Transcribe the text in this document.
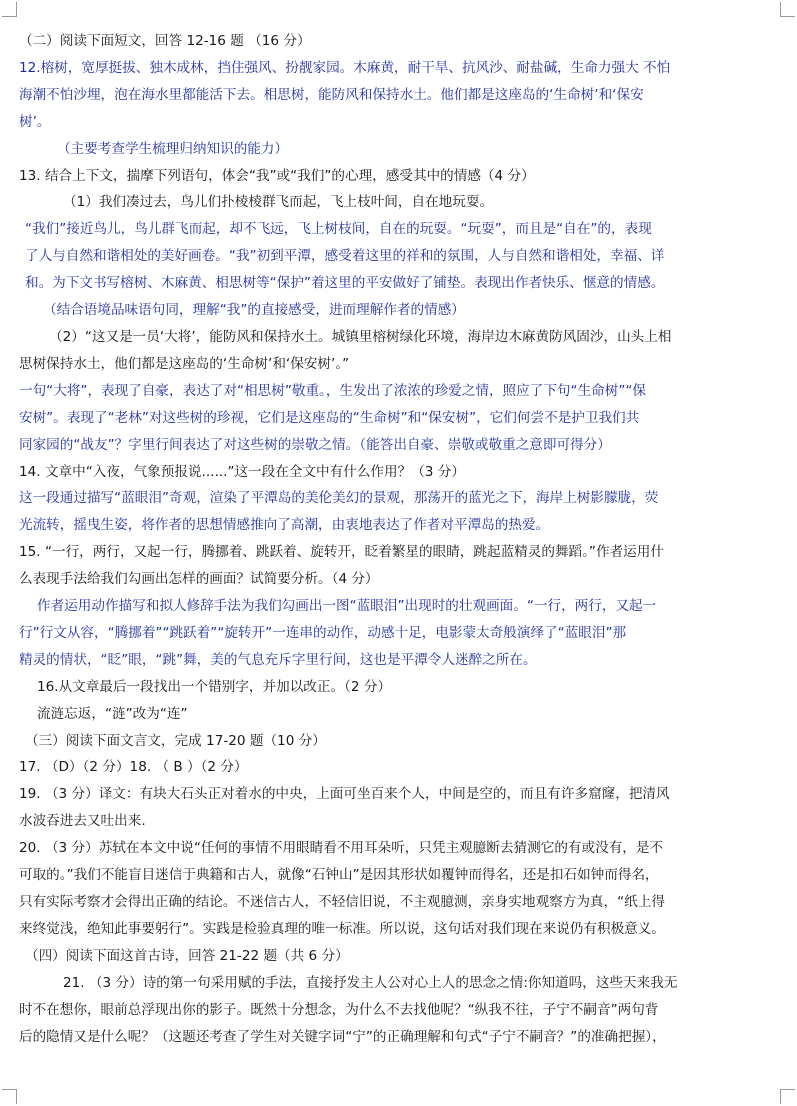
（二）阅读下面短文，回答 12-16 题 （16 分）
12.榕树，宽厚挺拔、独木成林，挡住强风、扮靓家园。木麻黄，耐干旱、抗风沙、耐盐碱，生命力强大 不怕
海潮不怕沙埋，泡在海水里都能活下去。相思树，能防风和保持水土。他们都是这座岛的‘生命树’和‘保安
树’。
（主要考查学生梳理归纳知识的能力）
13. 结合上下文，揣摩下列语句，体会“我”或“我们”的心理，感受其中的情感（4 分）
（1）我们凑过去，鸟儿们扑棱棱群飞而起，飞上枝叶间，自在地玩耍。
“我们”接近鸟儿，鸟儿群飞而起，却不飞远，飞上树枝间，自在的玩耍。“玩耍”，而且是“自在”的，表现
了人与自然和谐相处的美好画卷。“我”初到平潭，感受着这里的祥和的氛围，人与自然和谐相处，幸福、详
和。为下文书写榕树、木麻黄、相思树等“保护”着这里的平安做好了铺垫。表现出作者快乐、惬意的情感。
（结合语境品味语句同，理解“我”的直接感受，进而理解作者的情感）
（2）“这又是一员‘大将’，能防风和保持水土。城镇里榕树绿化环境，海岸边木麻黄防风固沙，山头上相
思树保持水土，他们都是这座岛的‘生命树’和‘保安树’。”
一句“大将”，表现了自豪，表达了对“相思树”敬重。，生发出了浓浓的珍爱之情，照应了下句“生命树”“保
安树”。表现了“老林”对这些树的珍视，它们是这座岛的“生命树”和“保安树”，它们何尝不是护卫我们共
同家园的“战友”？字里行间表达了对这些树的崇敬之情。（能答出自豪、崇敬或敬重之意即可得分）
14. 文章中“入夜，气象预报说......”这一段在全文中有什么作用？（3 分）
这一段通过描写“蓝眼泪”奇观，渲染了平潭岛的美伦美幻的景观，那荡开的蓝光之下，海岸上树影朦胧，荧
光流转，摇曳生姿，将作者的思想情感推向了高潮，由衷地表达了作者对平潭岛的热爱。
15. “一行，两行，又起一行，腾挪着、跳跃着、旋转开，眨着繁星的眼睛，跳起蓝精灵的舞蹈。”作者运用什
么表现手法给我们勾画出怎样的画面？试简要分析。（4 分）
作者运用动作描写和拟人修辞手法为我们勾画出一图“蓝眼泪”出现时的壮观画面。“一行，两行，又起一
行”行文从容，“腾挪着”“跳跃着”“旋转开”一连串的动作，动感十足，电影蒙太奇般演绎了“蓝眼泪”那
精灵的情状，“眨”眼，“跳”舞，美的气息充斥字里行间，这也是平潭令人迷醉之所在。
16.从文章最后一段找出一个错别字，并加以改正。（2 分）
流涟忘返，“涟”改为“连”
（三）阅读下面文言文，完成 17-20 题（10 分）
17. （D）（2 分）18. （ B ）（2 分）
19. （3 分）译文：有块大石头正对着水的中央，上面可坐百来个人，中间是空的，而且有许多窟窿，把清风
水波吞进去又吐出来.
20. （3 分）苏轼在本文中说“任何的事情不用眼睛看不用耳朵听，只凭主观臆断去猜测它的有或没有，是不
可取的。”我们不能盲目迷信于典籍和古人，就像“石钟山”是因其形状如覆钟而得名，还是扣石如钟而得名，
只有实际考察才会得出正确的结论。不迷信古人，不轻信旧说，不主观臆测，亲身实地观察方为真，“纸上得
来终觉浅，绝知此事要躬行”。实践是检验真理的唯一标准。所以说，这句话对我们现在来说仍有积极意义。
（四）阅读下面这首古诗，回答 21-22 题（共 6 分）
21. （3 分）诗的第一句采用赋的手法，直接抒发主人公对心上人的思念之情:你知道吗，这些天来我无
时不在想你，眼前总浮现出你的影子。既然十分想念，为什么不去找他呢？“纵我不往，子宁不嗣音”两句背
后的隐情又是什么呢？（这题还考查了学生对关键字词“宁”的正确理解和句式“子宁不嗣音？”的准确把握），
